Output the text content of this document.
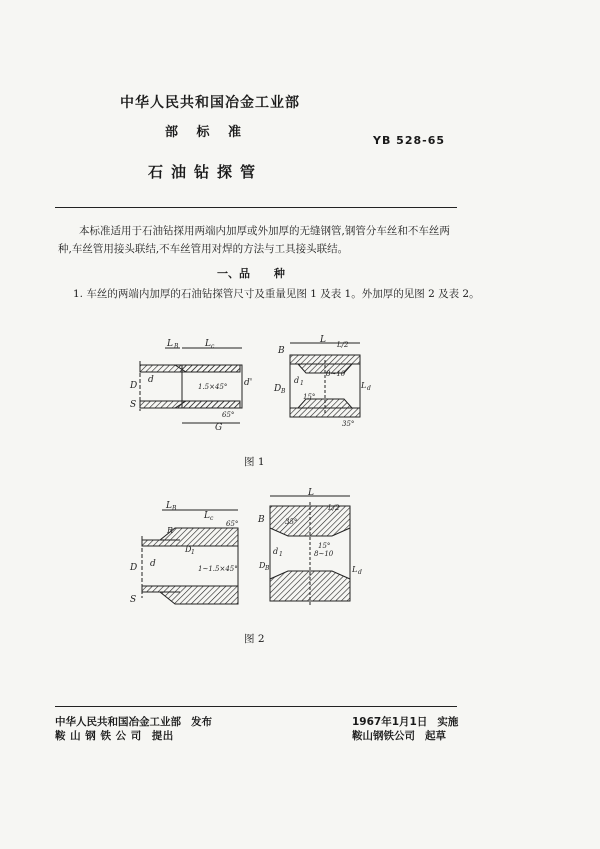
中华人民共和国冶金工业部
部 标 准
YB 528-65
石油钻探管
本标准适用于石油钻探用两端内加厚或外加厚的无缝钢管,钢管分车丝和不车丝两种,车丝管用接头联结,不车丝管用对焊的方法与工具接头联结。
一、品 种
1. 车丝的两端内加厚的石油钻探管尺寸及重量见图 1 及表 1。外加厚的见图 2 及表 2。
L B	L c
D
d	d'
S
1.5×45°
65°
G
L L/2
B
D B
d 1
8~10
15°
L d
35°
图 1
L B
L c
R
D 1
65°
D d
S
1~1.5×45°
L
L/2
B	35°
d 1
D B
15°
8~10
L d
图 2
中华人民共和国冶金工业部 发布
鞍 山 钢 铁 公 司 提出
1967年1月1日 实施
鞍山钢铁公司 起草
